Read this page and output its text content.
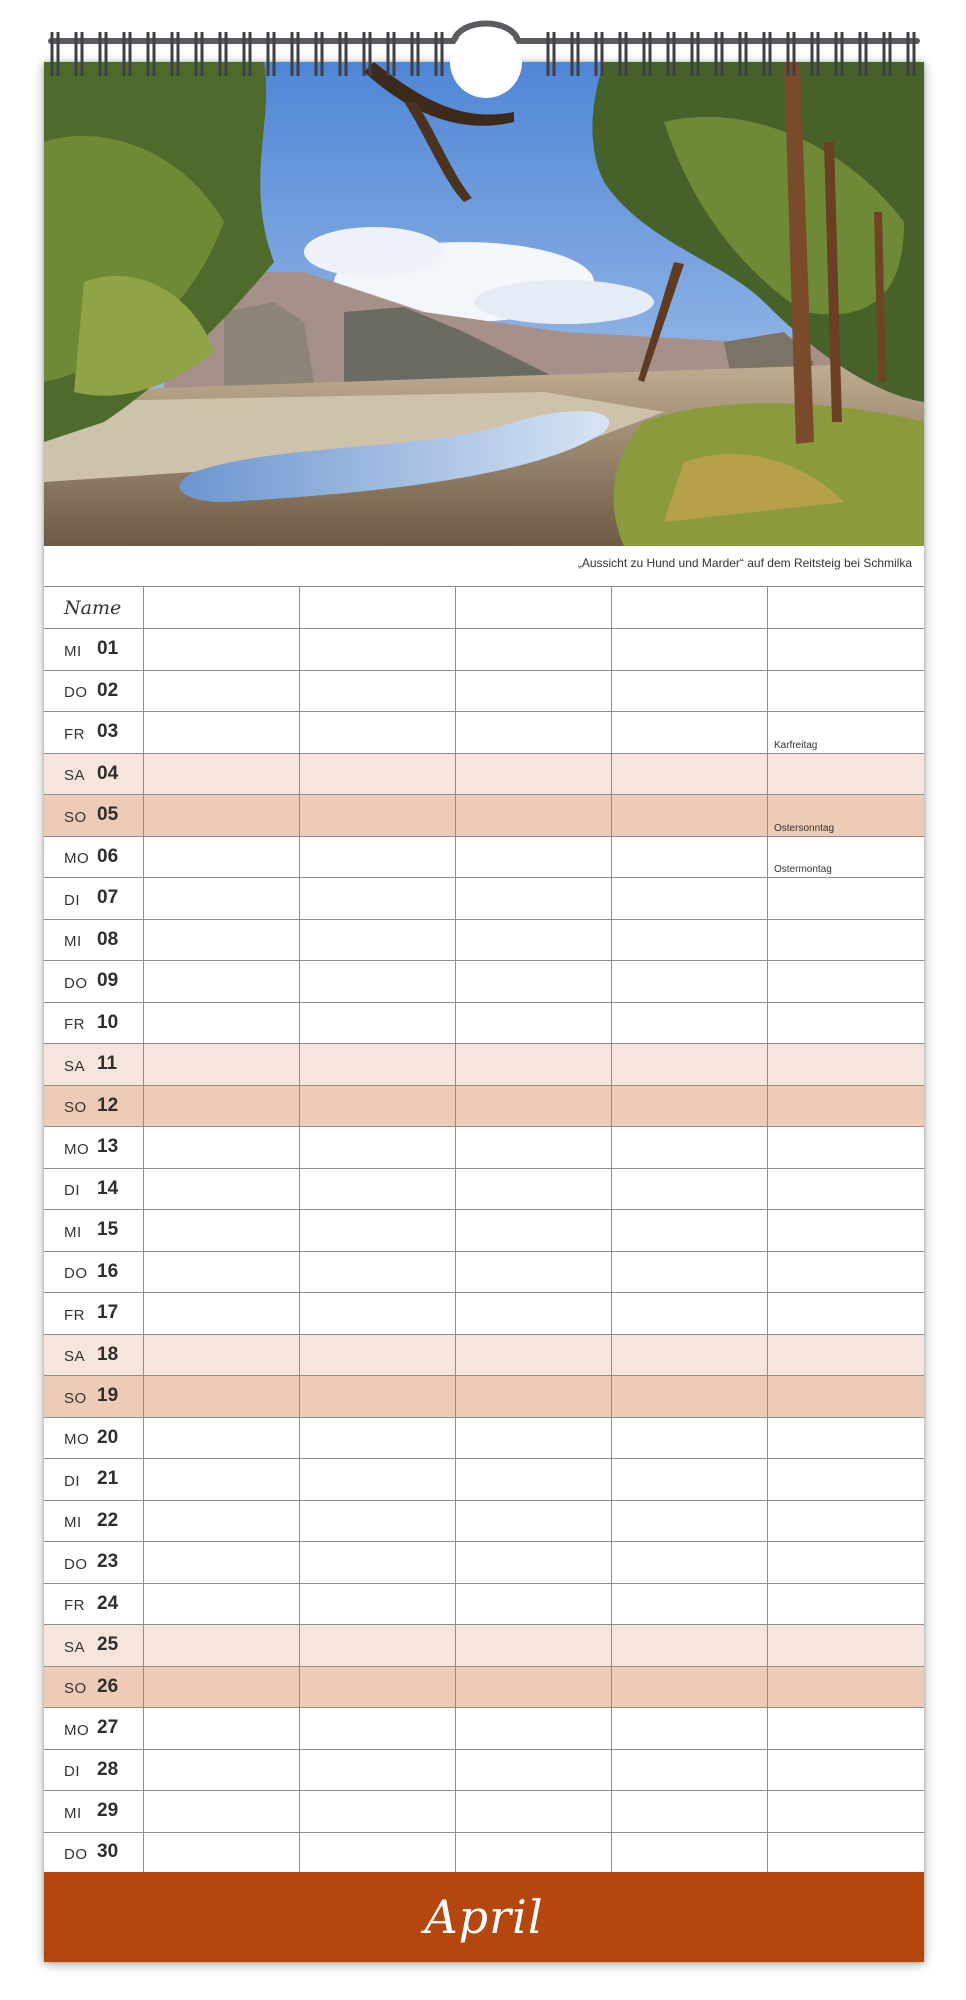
„Aussicht zu Hund und Marder“ auf dem Reitsteig bei Schmilka
Name
MI 01
DO 02
FR 03
Karfreitag
SA 04
SO 05
Ostersonntag
MO 06
Ostermontag
DI 07
MI 08
DO 09
FR 10
SA 11
SO 12
MO 13
DI 14
MI 15
DO 16
FR 17
SA 18
SO 19
MO 20
DI 21
MI 22
DO 23
FR 24
SA 25
SO 26
MO 27
DI 28
MI 29
DO 30
April
